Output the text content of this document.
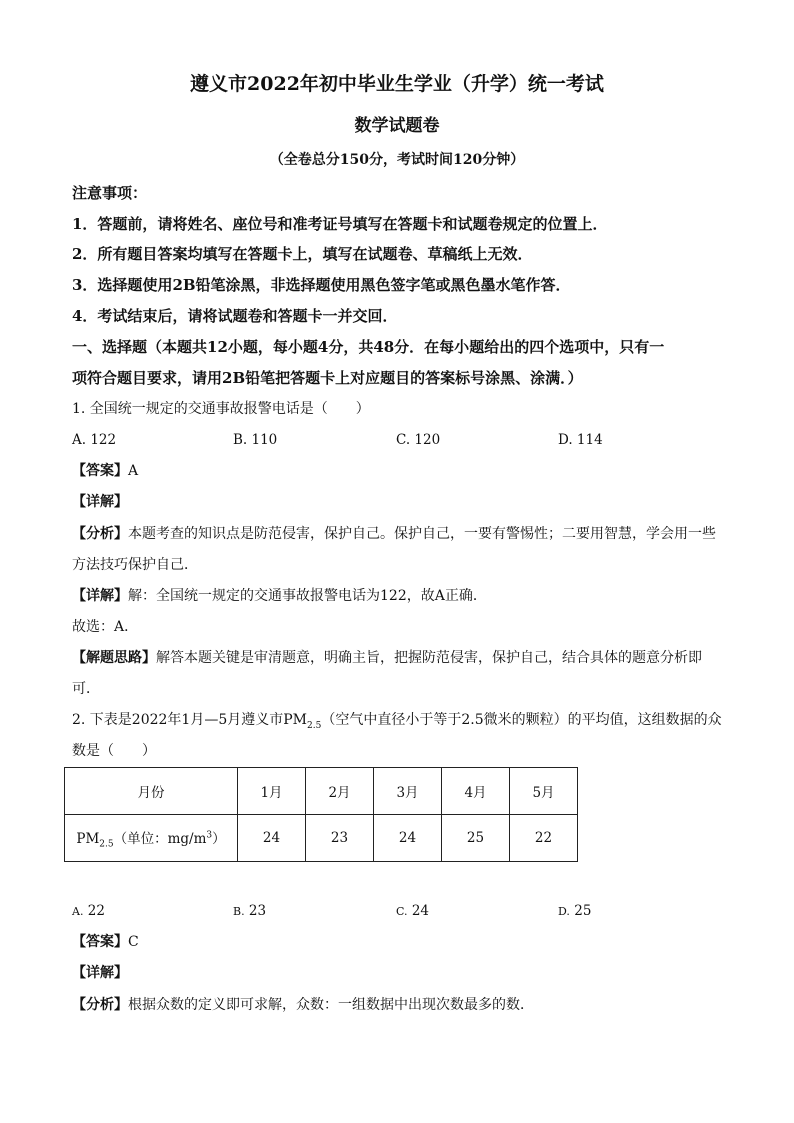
遵义市2022年初中毕业生学业（升学）统一考试
数学试题卷
（全卷总分150分，考试时间120分钟）
注意事项：
1．答题前，请将姓名、座位号和准考证号填写在答题卡和试题卷规定的位置上．
2．所有题目答案均填写在答题卡上，填写在试题卷、草稿纸上无效．
3．选择题使用2B铅笔涂黑，非选择题使用黑色签字笔或黑色墨水笔作答．
4．考试结束后，请将试题卷和答题卡一并交回．
一、选择题（本题共12小题，每小题4分，共48分．在每小题给出的四个选项中，只有一
项符合题目要求，请用2B铅笔把答题卡上对应题目的答案标号涂黑、涂满．）
1. 全国统一规定的交通事故报警电话是（　　）
A. 122	B. 110	C. 120	D. 114
【答案】A
【详解】
【分析】本题考查的知识点是防范侵害，保护自己。保护自己，一要有警惕性；二要用智慧，学会用一些
方法技巧保护自己．
【详解】解：全国统一规定的交通事故报警电话为122，故A正确．
故选：A．
【解题思路】解答本题关键是审清题意，明确主旨，把握防范侵害，保护自己，结合具体的题意分析即
可．
2. 下表是2022年1月—5月遵义市$PM_{2.5}$（空气中直径小于等于2.5微米的颗粒）的平均值，这组数据的众
数是（　　）
月份	1月	2月	3月	4月	5月
$PM_{2.5}$（单位：$mg/m^3$）	24	23	24	25	22
A. 22	B. 23	C. 24	D. 25
【答案】C
【详解】
【分析】根据众数的定义即可求解，众数：一组数据中出现次数最多的数．
